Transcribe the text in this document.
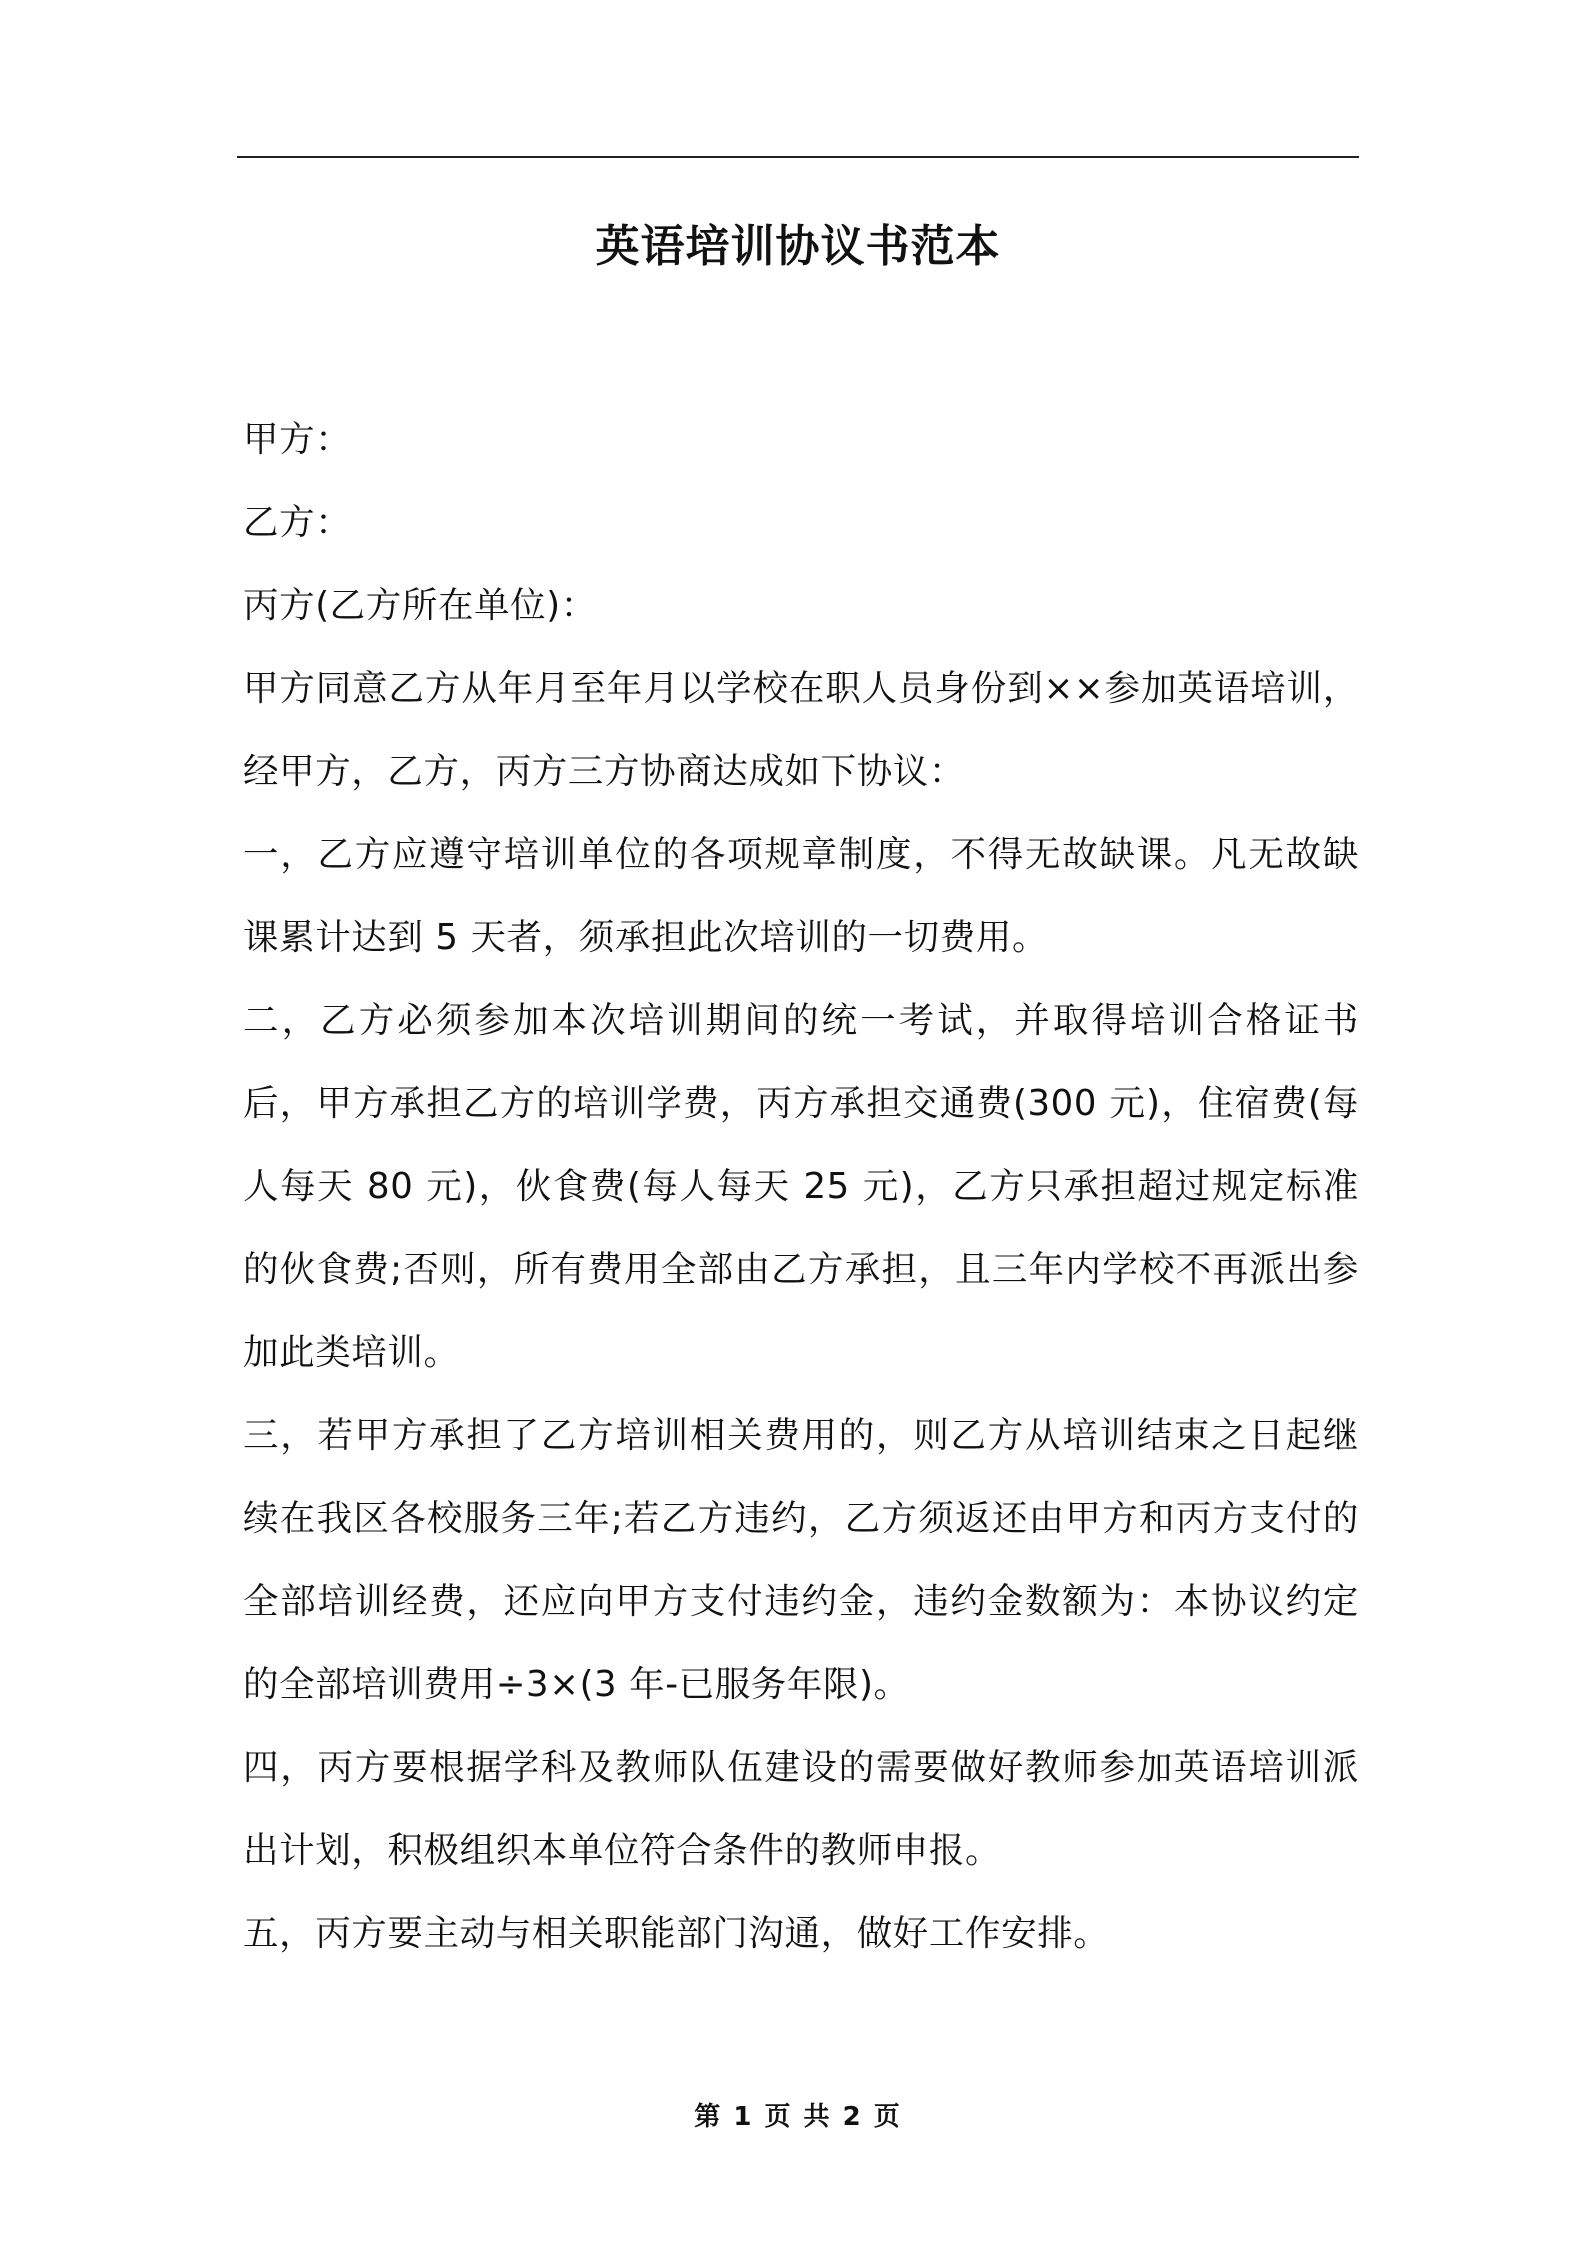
英语培训协议书范本

甲方：

乙方：

丙方(乙方所在单位)：

甲方同意乙方从年月至年月以学校在职人员身份到××参加英语培训，经甲方，乙方，丙方三方协商达成如下协议：

一，乙方应遵守培训单位的各项规章制度，不得无故缺课。凡无故缺课累计达到 5 天者，须承担此次培训的一切费用。

二，乙方必须参加本次培训期间的统一考试，并取得培训合格证书后，甲方承担乙方的培训学费，丙方承担交通费(300 元)，住宿费(每人每天 80 元)，伙食费(每人每天 25 元)，乙方只承担超过规定标准的伙食费;否则，所有费用全部由乙方承担，且三年内学校不再派出参加此类培训。

三，若甲方承担了乙方培训相关费用的，则乙方从培训结束之日起继续在我区各校服务三年;若乙方违约，乙方须返还由甲方和丙方支付的全部培训经费，还应向甲方支付违约金，违约金数额为：本协议约定的全部培训费用÷3×(3 年-已服务年限)。

四，丙方要根据学科及教师队伍建设的需要做好教师参加英语培训派出计划，积极组织本单位符合条件的教师申报。

五，丙方要主动与相关职能部门沟通，做好工作安排。

第 1 页 共 2 页
